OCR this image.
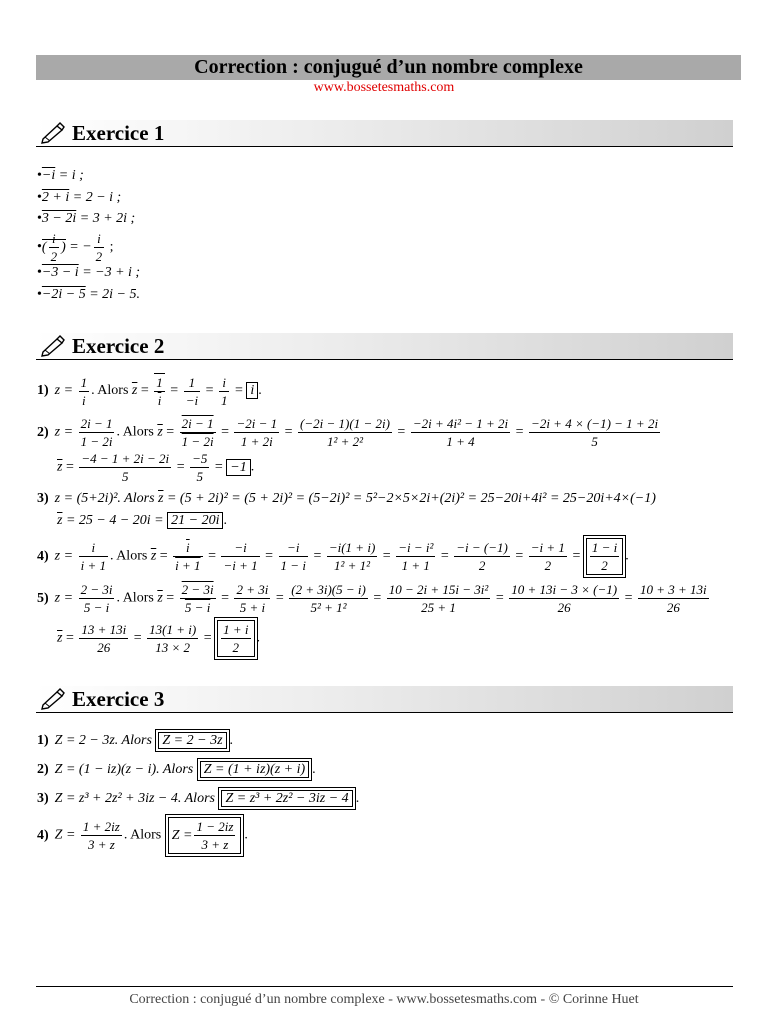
Correction : conjugué d’un nombre complexe
www.bossetesmaths.com
Exercice 1
•−i = i ;
•2 + i = 2 − i ;
•3 − 2i = 3 + 2i ;
•( $\frac{i}{2}$ ) = − $\frac{i}{2}$ ;
•−3 − i = −3 + i ;
•−2i − 5 = 2i − 5.
Exercice 2
1) $z = \frac{1}{i}$ . Alors $\overline{z} = \frac{1}{i} = \frac{1}{-i} = \frac{i}{1} = i$ .
2) $z = \frac{2i - 1}{1 - 2i}$ . Alors $\overline{z} = \frac{2i - 1}{1 - 2i} = \frac{-2i - 1}{1 + 2i} = \frac{(-2i - 1)(1 - 2i)}{\text{1² + 2²}} = \frac{\text{−2i + 4i² − 1 + 2i}}{1 + 4} = \frac{-2i + 4 \times (-1) - 1 + 2i}{5}$
$\overline{z} = \frac{-4 - 1 + 2i - 2i}{5} = \frac{-5}{5} = -1$ .
3) z = (5+2i)². Alors $\overline{z} = (5 + 2i)^2 = (5 + 2i)^2 = (5-2i)^2 = 5^2-2\times 5\times 2i+(2i)^2 = 25-20i+4i^2 = 25-20i+4\times(-1)$
$\overline{z} = 25 - 4 - 20i = 21 - 20i$ .
4) $z = \frac{i}{i + 1}$ . Alors $\overline{z} = \frac{\overline{i}}{i + 1} = \frac{-i}{-i + 1} = \frac{-i}{1 - i} = \frac{-i(1 + i)}{\text{1² + 1²}} = \frac{\text{−i − i²}}{1 + 1} = \frac{-i - (-1)}{2} = \frac{-i + 1}{2} = \frac{1 - i}{2}$ .
5) $z = \frac{2 - 3i}{5 - i}$ . Alors $\overline{z} = \frac{2 - 3i}{5 - i} = \frac{2 + 3i}{5 + i} = \frac{(2 + 3i)(5 - i)}{\text{5² + 1²}} = \frac{\text{10 − 2i + 15i − 3i²}}{25 + 1} = \frac{10 + 13i - 3 \times (-1)}{26} = \frac{10 + 3 + 13i}{26}$
$\overline{z} = \frac{13 + 13i}{26} = \frac{13(1 + i)}{13 \times 2} = \frac{1 + i}{2}$ .
Exercice 3
1) Z = 2 − 3z. Alors Z = 2 − 3z .
2) Z = (1 − iz)(z − i). Alors Z = (1 + iz)(z + i) .
3) Z = z³ + 2z² + 3iz − 4. Alors Z = z³ + 2z² − 3iz − 4 .
4) $Z = \frac{1 + 2iz}{3 + z}$ . Alors $Z = \frac{1 - 2iz}{3 + z}$ .
Correction : conjugué d’un nombre complexe - www.bossetesmaths.com - © Corinne Huet
